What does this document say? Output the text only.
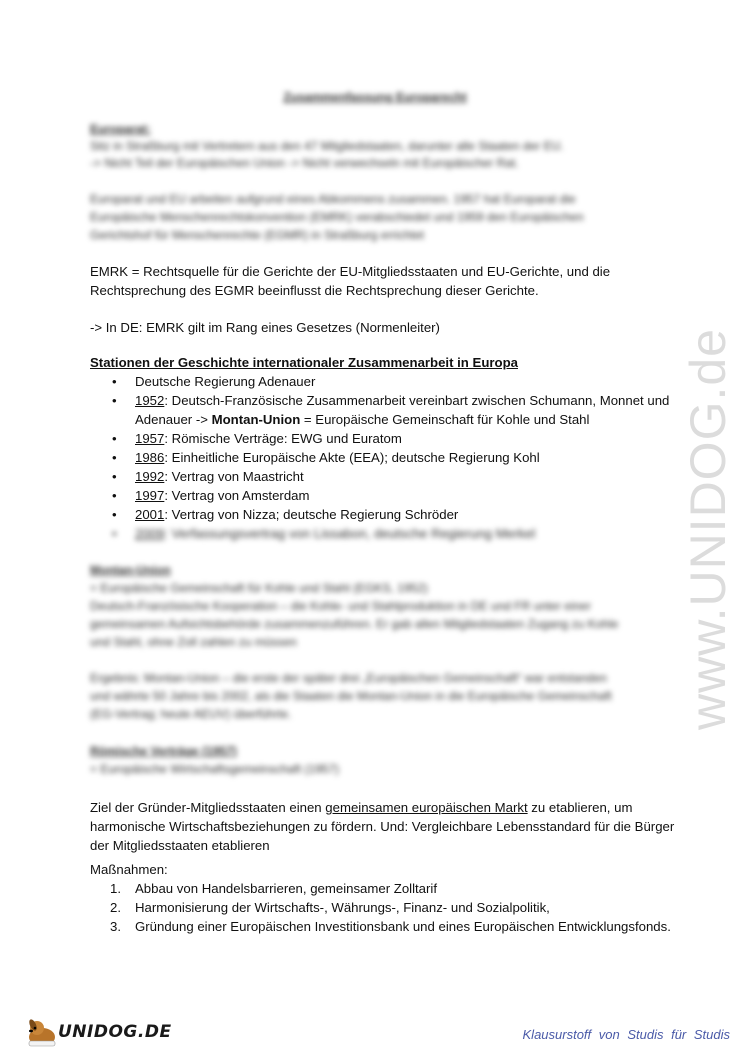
Zusammenfassung Europarecht
Europarat:
Sitz in Straßburg mit Vertretern aus den 47 Mitgliedstaaten, darunter alle Staaten der EU.
-> Nicht Teil der Europäischen Union -> Nicht verwechseln mit Europäischer Rat.
Europarat und EU arbeiten aufgrund eines Abkommens zusammen. 1957 hat Europarat die
Europäische Menschenrechtskonvention (EMRK) verabschiedet und 1959 den Europäischen
Gerichtshof für Menschenrechte (EGMR) in Straßburg errichtet
EMRK = Rechtsquelle für die Gerichte der EU-Mitgliedsstaaten und EU-Gerichte, und die
Rechtsprechung des EGMR beeinflusst die Rechtsprechung dieser Gerichte.
-> In DE: EMRK gilt im Rang eines Gesetzes (Normenleiter)
Stationen der Geschichte internationaler Zusammenarbeit in Europa
• Deutsche Regierung Adenauer
• 1952: Deutsch-Französische Zusammenarbeit vereinbart zwischen Schumann, Monnet und
Adenauer -> Montan-Union = Europäische Gemeinschaft für Kohle und Stahl
• 1957: Römische Verträge: EWG und Euratom
• 1986: Einheitliche Europäische Akte (EEA); deutsche Regierung Kohl
• 1992: Vertrag von Maastricht
• 1997: Vertrag von Amsterdam
• 2001: Vertrag von Nizza; deutsche Regierung Schröder
• 2009: Verfassungsvertrag von Lissabon, deutsche Regierung Merkel
Montan-Union
= Europäische Gemeinschaft für Kohle und Stahl (EGKS, 1952)
Deutsch-Französische Kooperation – die Kohle- und Stahlproduktion in DE und FR unter einer
gemeinsamen Aufsichtsbehörde zusammenzuführen. Er gab allen Mitgliedstaaten Zugang zu Kohle
und Stahl, ohne Zoll zahlen zu müssen
Ergebnis: Montan-Union – die erste der später drei „Europäischen Gemeinschaft“ war entstanden
und währte 50 Jahre bis 2002, als die Staaten die Montan-Union in die Europäische Gemeinschaft
(EG-Vertrag; heute AEUV) überführte.
Römische Verträge (1957)
= Europäische Wirtschaftsgemeinschaft (1957)
Ziel der Gründer-Mitgliedsstaaten einen gemeinsamen europäischen Markt zu etablieren, um
harmonische Wirtschaftsbeziehungen zu fördern. Und: Vergleichbare Lebensstandard für die Bürger
der Mitgliedsstaaten etablieren
Maßnahmen:
1. Abbau von Handelsbarrieren, gemeinsamer Zolltarif
2. Harmonisierung der Wirtschafts-, Währungs-, Finanz- und Sozialpolitik,
3. Gründung einer Europäischen Investitionsbank und eines Europäischen Entwicklungsfonds.
www.UNIDOG.de
UNIDOG.DE	Klausurstoff von Studis für Studis
